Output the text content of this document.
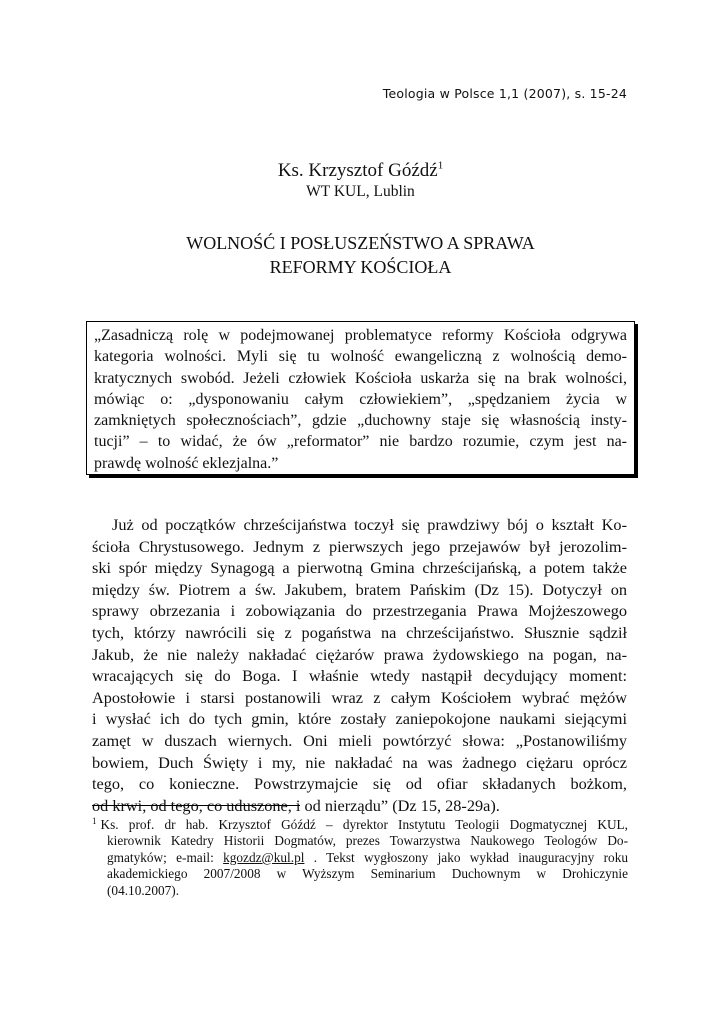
Teologia w Polsce 1,1 (2007), s. 15-24
Ks. Krzysztof Góźdź$^1$
WT KUL, Lublin
WOLNOŚĆ I POSŁUSZEŃSTWO A SPRAWA
REFORMY KOŚCIOŁA
„Zasadniczą rolę w podejmowanej problematyce reformy Kościoła odgrywa
kategoria wolności. Myli się tu wolność ewangeliczną z wolnością demo-
kratycznych swobód. Jeżeli człowiek Kościoła uskarża się na brak wolności,
mówiąc o: „dysponowaniu całym człowiekiem”, „spędzaniem życia w
zamkniętych społecznościach”, gdzie „duchowny staje się własnością insty-
tucji” – to widać, że ów „reformator” nie bardzo rozumie, czym jest na-
prawdę wolność eklezjalna.”
Już od początków chrześcijaństwa toczył się prawdziwy bój o kształt Ko-
ścioła Chrystusowego. Jednym z pierwszych jego przejawów był jerozolim-
ski spór między Synagogą a pierwotną Gmina chrześcijańską, a potem także
między św. Piotrem a św. Jakubem, bratem Pańskim (Dz 15). Dotyczył on
sprawy obrzezania i zobowiązania do przestrzegania Prawa Mojżeszowego
tych, którzy nawrócili się z pogaństwa na chrześcijaństwo. Słusznie sądził
Jakub, że nie należy nakładać ciężarów prawa żydowskiego na pogan, na-
wracających się do Boga. I właśnie wtedy nastąpił decydujący moment:
Apostołowie i starsi postanowili wraz z całym Kościołem wybrać mężów
i wysłać ich do tych gmin, które zostały zaniepokojone naukami siejącymi
zamęt w duszach wiernych. Oni mieli powtórzyć słowa: „Postanowiliśmy
bowiem, Duch Święty i my, nie nakładać na was żadnego ciężaru oprócz
tego, co konieczne. Powstrzymajcie się od ofiar składanych bożkom,
od krwi, od tego, co uduszone, i od nierządu” (Dz 15, 28-29a).
$^1$ Ks. prof. dr hab. Krzysztof Góźdź – dyrektor Instytutu Teologii Dogmatycznej KUL,
kierownik Katedry Historii Dogmatów, prezes Towarzystwa Naukowego Teologów Do-
gmatyków; e-mail: kgozdz@kul.pl . Tekst wygłoszony jako wykład inauguracyjny roku
akademickiego 2007/2008 w Wyższym Seminarium Duchownym w Drohiczynie
(04.10.2007).
